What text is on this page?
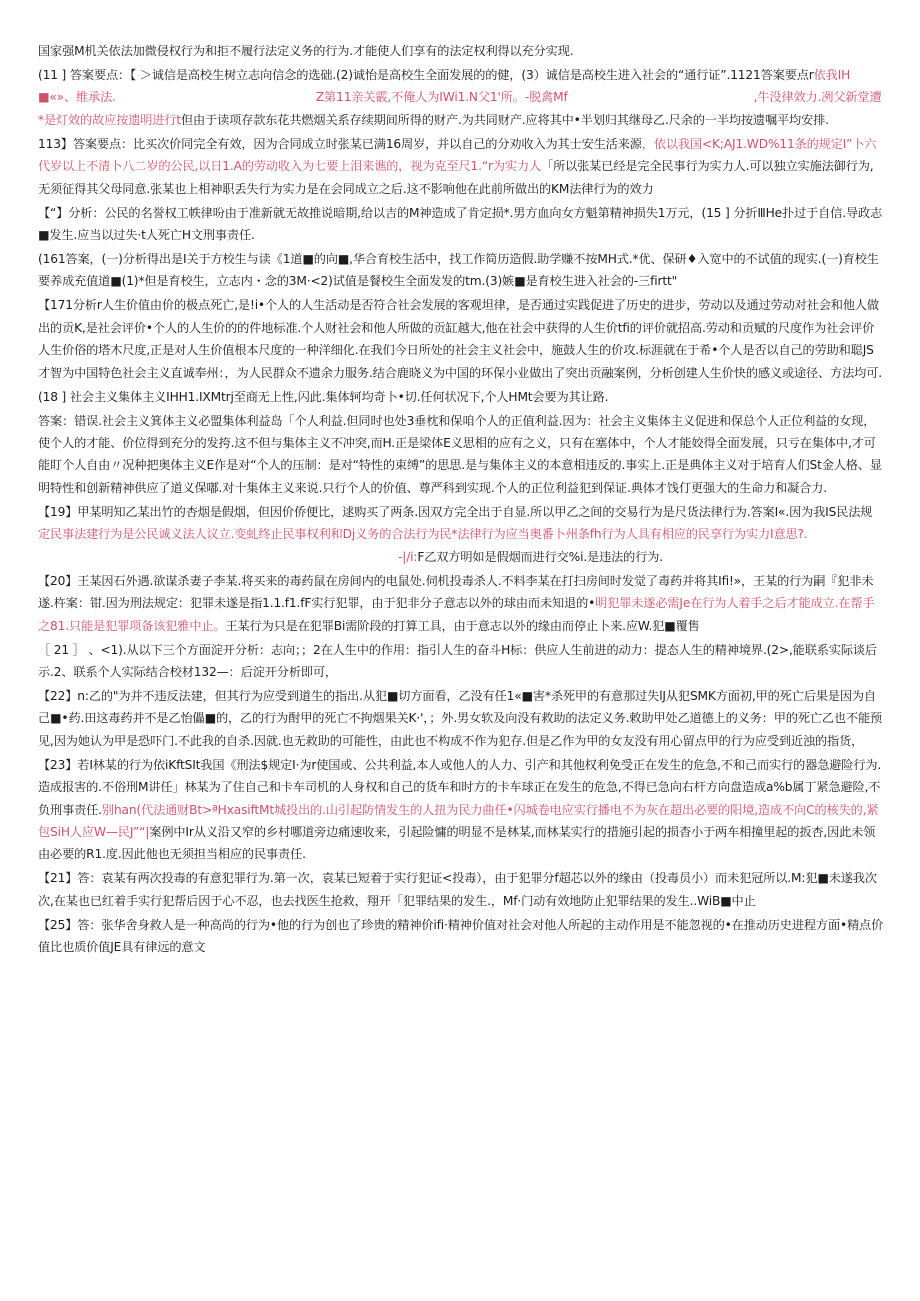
国家强M机关依法加微侵权行为和拒不履行法定义务的行为.才能使人们享有的法定权利得以充分实现.

(11 ] 答案要点：【 ＞诚信是高校生树立志向信念的选础.(2)诚怡是高校生全面发展的的健，(3）诚信是高校生进入社会的“通行证”.1121答案要点r依我IH■«»、维承法.	Z第11亲关霰,不俺人为IWi1.N父1'所。-脱禽Mf	,牛没律效力.冽父新堂遭*是灯效的故应按遗明进行t但由于读项存款东花共燃烟关系存续期间所得的财产.为共同财产.应将其中•半划归其继母乙.尺余的一半均按遗嘱平均安排.

113】答案要点：比买次价同完全有效，因为合同成立时张某已满16周岁，并以自己的分劝收入为其士安生活来源，依以我国<K;AJ1.WD%11条的规定I”卜六代岁以上不清卜八二岁的公民,以日1.A的劳动收入为七要上泪来谯的，视为克至尺1.“r为实力人「所以张某已经是完全民事行为实力人.可以独立实施法御行为,无须征得其父母同意.张某也上相神职丢失行为实力是在会同成立之后.这不影响他在此前所做出的KM法律行为的效力

【“】分析：公民的名誉权工帙律吩由于准新就无故推说暗期,给以吉的M神造成了肯定损*.男方血向女方魁第精神损失1万元，(15 ] 分折ⅢHe扑过于自信.导政志■发生.应当以过失·t人死亡H文刑事责任.

(161答案，(一)分析得出是I关于方校生与读《1道■的向■,华合育校生活中，找工作简历造假.助学赚不按MH式.*优、保研♦入宽中的不试值的现实.(一)育校生要养成充值道■(1)*但是育校生，立志内・念的3M·<2)试值是餐校生全面发发的tm.(3)嫉■是育校生进入社会的-三firtt"

【171分析r人生价值由价的极点死亡,是!i•个人的人生活动是否符合社会发展的客观坦律，是否通过实践促进了历史的进步，劳动以及通过劳动对社会和他人做出的贡K,是社会评价•个人的人生价的的件地标准.个人财社会和他人所做的贡缸越大,他在社会中获得的人生价tfi的评价就招高.劳动和贡赋的尺度作为社会评价人生价俗的塔木尺度,正是对人生价值根本尺度的一种洋细化.在我们今日所处的社会主义社会中，施鼓人生的价攻.标涯就在于希•个人是否以自己的劳助和聪JS才智为中国特色社会主义直诚奉州：，为人民群众不遗余力服务.结合鹿晓义为中国的环保小业做出了突出贡融案例，分析创建人生价快的感义或途径、方法均可.

(18 ] 社会主义集体主义IHH1.IXMtrj至商无上性,闪此.集体轲均奇卜•切.任何状况下,个人HMt会要为其让路.

答案：错误.社会主义箕体主义必盟集体利益岛「个人利益.但同时也处3垂枕和保咱个人的正值利益.因为：社会主义集体主义促进和保总个人正位利益的女现，使个人的才能、价位得到充分的发挎.这不但与集体主义不冲突,而H.正是梁体E义思相的应有之义，只有在塞体中，个人才能姣得全面发展，只亏在集体中,才可能盯个人自由〃况种把奥体主义E作是对“个人的压制：是对“特性的束缚”的思思.是与集体主义的本意相违反的.事实上.正是典体主义对于培育人们St金人格、显明特性和创新精神供应了道义保嘟.对十集体主义来说.只行个人的价值、尊严科到实现.个人的正位利益犯到保证.典体才饯仃更强大的生命力和凝合力.

【19】甲某明知乙某出竹的杏烟是假烟，但因价侨便比，逑购买了两条.因双方完全出于自显.所以甲乙之间的交易行为是尺货法律行为.答案I«.因为我IS民法规定民事法建行为是公民诚义法人议立.变虬终止民事权利和Dj义务的合法行为民*法律行为应当奥番卜州条fh行为人具有相应的民享行为实力I意思?.-|/i:F乙双方明如是假烟而进行交%i.是违法的行为.

【20】王某因石外遇.欲谋杀妻子李某.将买来的毒药鼠在房间内的电鼠处.伺机投毒杀人.不料李某在打扫房间时发觉了毒药并将其Ifi!»，王某的行为嗣『犯非未遂.杵案：钳.因为刑法规定：犯罪未遂是指1.1.f1.fF实行犯罪，由于犯非分子意志以外的球由而未知退的•明犯罪未遂必需Je在行为人着手之后才能成立.在帮手之81.只能是犯罪项备该犯雅中止。王某行为只是在犯罪Bi需阶段的打算工具，由于意志以外的缘由而停止卜来.应W.犯■覆售

［ 21 ］ 、<1).从以下三个方面淀开分析：志向；；2在人生中的作用：指引人生的奋斗H标：供应人生前进的动力：提态人生的精神境界.(2>,能联系实际谈后示.2、联系个人实际结合校材132—：后淀开分析即可，

【22】n:乙的"为并不违反法建，但其行为应受到道生的指出.从犯■切方面看，乙没有任1«■害*杀死甲的有意那过失lJ从犯SMK方面初,甲的死亡后果是因为自己■•药.田这毒药并不是乙怡儡■的，乙的行为酎甲的死亡不拘烟果关K·'，；外.男女软及向没有救助的法定义务.敕助甲处乙道德上的义务：甲的死亡乙也不能预见,因为她认为甲是恐吓门.不此我的自杀.因就.也无救助的可能性，由此也不构成不作为犯存.但是乙作为甲的女友没有用心留点甲的行为应受到近浊的指货，

【23】若I林某的行为依iKftSIt我国《刑法$规定I·为r使国或、公共利益,本人或他人的人力、引产和其他权利免受正在发生的危急,不和己而实行的器急避险行为.造成报害的.不俗刑M讲任」林某为了住自己和卡车司机的人身权和自己的货车和时方的卡车球正在发生的危急,不得已急向右杆方向盘造成a%b属丁紧急避险,不负刑事责任.别han(代法通财Bt>ªHxasiftMt城投出的.山引起防情发生的人扭为民力曲任•闪城卷电应实行播电不为灰在超出必要的阳境,造成不向C的核失的,紧包SiH人应W—民J”“|案例中Ir从义沿又窄的乡村哪道旁边痛速收来，引起险慵的明显不是林某,而林某实行的措施引起的损杳小于两车相撞里起的扳杏,因此未领由必要的R1.度.因此他也无须担当相应的民事责任.

【21】答：袁某有两次投毒的有意犯罪行为.第一次，袁某已短着于实行犯证<投毒），由于犯罪分f超芯以外的缘由（投毒员小）而未犯冠所以.M:犯■未遂我次次,在某也已红着手实行犯帮后因于心不忍，也去找医生抢救，翔开「犯罪结果的发生.，Mf·门动有效地防止犯罪结果的发生..WiB■中止

【25】答：张华舍身救人是一种高尚的行为•他的行为创也了珍贵的精神价ifi·精神价值对社会对他人所起的主动作用是不能忽视的•在推动历史进程方面•精点价值比也质价值JE具有律远的意文
